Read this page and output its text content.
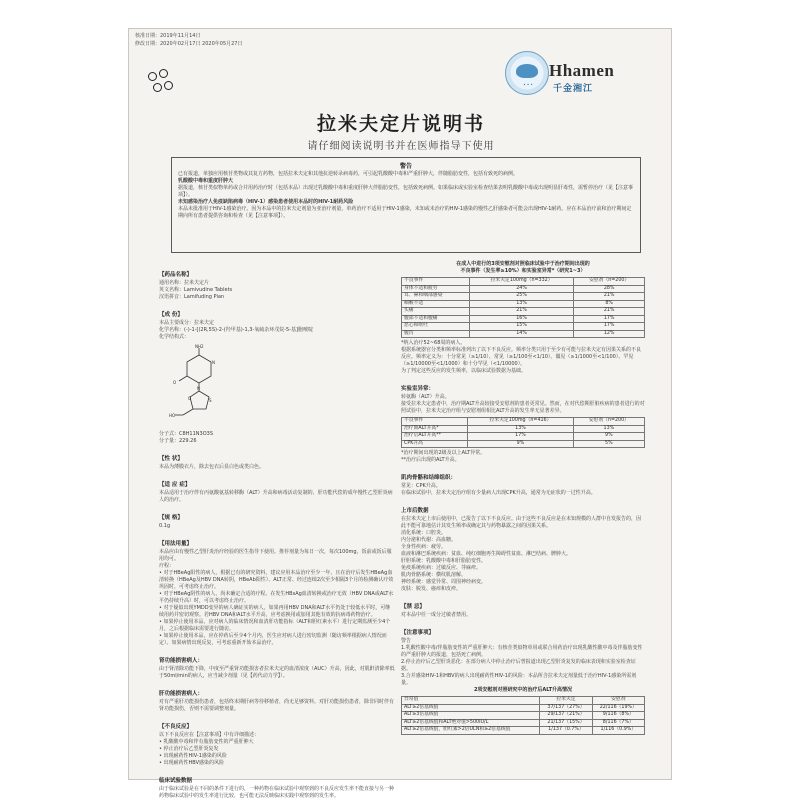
核准日期：2019年11月14日
修改日期：2020年02月17日 2020年05月27日
• • •
Hhamen
千金湘江
拉米夫定片说明书
请仔细阅读说明书并在医师指导下使用
警告

已有报道，单独应用核苷类物或其复方药物，包括拉米夫定和其他抗逆转录病毒药，可引起乳酸酸中毒和严重肝肿大，伴随脂肪变性，包括有致死的病例。

乳酸酸中毒和重度肝肿大

据报道，核苷类似物单药或合并用药治疗时（包括本品）出现过乳酸酸中毒和重度肝肿大伴脂肪变性，包括致死病例。如果临床或实验室检查结果表明乳酸酸中毒或出现明显肝毒性，需暂停治疗（见【注意事项】）。

未知感染治疗人免疫缺陷病毒（HIV-1）感染患者使用本品时的HIV-1耐药风险

本品未批准用于HIV-1感染治疗。因为本品中的拉米夫定剂量为亚治疗剂量，单药治疗不适用于HIV-1感染，未知或未治疗的HIV-1感染的慢性乙肝感染者可能会出现HIV-1耐药。应在本品治疗前和治疗期间定期向所有患者提供咨询和检查（见【注意事项】）。

【药品名称】
通用名称：拉米夫定片
英文名称：Lamivudine Tablets
汉语拼音：Lamifuding Pian
【成 份】
本品主要成分：拉米夫定
化学名称：(-)-1-[(2R,5S)-2-(羟甲基)-1,3-氧硫杂环戊烷-5-基]胞嘧啶
化学结构式：
NH2
N
O
N
S
O
HO
分子式：C8H11N3O3S
分子量：229.26
【性 状】
本品为薄膜衣片，除去包衣后显白色或类白色。
【适 应 症】
本品适用于治疗伴有丙氨酸氨基转移酶（ALT）升高和病毒活动复制的、肝功能代偿的成年慢性乙型肝炎病人的治疗。
【规 格】
0.1g
【用法用量】
本品应由有慢性乙型肝炎治疗经验的医生指导下使用。推荐剂量为每日一次，每次100mg，饭前或饭后服用均可。
疗程：
• 对于HBeAg阳性的病人，根据已有的研究资料，建议应用本品治疗至少一年，且在治疗后发生HBeAg血清转换（HBeAg及HBV DNA转阴，HBeAb阳性）、ALT正常、经过连续2次至少相隔3个月的检测确认疗效巩固时，可考虑终止治疗。
• 对于HBeAg阴性的病人，尚未确定合适的疗程。在发生HBsAg血清转换或治疗无效（HBV DNA或ALT水平仍持续升高）时，可以考虑终止治疗。
• 对于疑似出现YMDD变异的病人确证实的病人，如果再用HBV DNA和ALT水平仍处于较低水平时，可继续用药并密切观察。若HBV DNA和ALT水平升高，应考虑换用或加用其他有效的抗病毒药物治疗。
• 如果停止使用本品，应对病人的临床情况和血清肝功能指标（ALT和胆红素水平）进行定期监测至少4个月，之后根据临床需要进行随访。
• 如果停止使用本品，应在停药后至少4个月内，医生应对病人进行密切监测（随访频率根据病人情况而定）。如果病情出现反复，可考虑重新开始本品治疗。
肾功能损害病人：
由于肾清除功能下降，中度至严重肾功能损害者拉米夫定的血清浓度（AUC）升高，因此，对肌酐清除率低于50ml/min的病人，应当减少剂量（见【药代动力学】）。
肝功能损害病人：
对有严重肝功能损伤患者，包括终末期肝病等待移植者，尚无足够资料。对肝功能损伤患者，除非同时伴有肾功能损伤，否则不需要调整剂量。
【不良反应】
以下不良反应在【注意事项】中有详细描述：
• 乳酸酸中毒和伴有脂肪变性的严重肝肿大
• 停止治疗后乙型肝炎复发
• 出现耐药性HIV-1感染的风险
• 出现耐药性HBV感染的风险
临床试验数据
由于临床试验是在不同的条件下进行的，一种药物在临床试验中观察到的不良反应发生率不能直接与另一种药物临床试验中的发生率进行比较，也可能无法反映临床实践中观察到的发生率。
在成人中进行的3项安慰剂对照临床试验中于治疗期间出现的
不良事件（发生率≥10%）和实验室异常*（研究1~3）
不良事件	拉米夫定100mg（n=332）	安慰剂（n=200）
身体不适和疲劳	24%	28%
耳、鼻和咽部感染	25%	21%
咽喉不适	13%	8%
头痛	21%	21%
腹部不适和腹痛	16%	17%
恶心和呕吐	15%	17%
腹泻	14%	12%
*纳入治疗52~68周的病人。
根据系统器官分类和频率标准列出了以下不良反应。频率分类只用于至少有可能与拉米夫定有因果关系的不良反应。频率定义为：十分常见（≥1/10）、常见（≥1/100至<1/10）、偶见（≥1/1000至<1/100）、罕见（≥1/10000至<1/1000）和十分罕见（<1/10000）。
为了判定这些反应的发生频率，以临床试验数据为基础。
实验室异常：
转氨酶（ALT）升高。
接受拉米夫定患者中，治疗期ALT升高较接受安慰剂的患者更常见。然而，在对代偿期肝脏疾病的患者进行的对照试验中，拉米夫定治疗组与安慰剂组相比ALT升高的发生率无显著差异。
不良事件	拉米夫定100mg（n=416）	安慰剂（n=200）
治疗期ALT升高*	13%	13%
治疗后ALT升高**	17%	9%
CPK升高	9%	5%
*治疗期间出现的2级及以上ALT异常。
**治疗后出现的ALT升高。
肌肉骨骼和结缔组织：
常见：CPK升高。
在临床试验中，拉米夫定治疗组有少量病人出现CPK升高，通常为无症状的一过性升高。
上市后数据
在拉米夫定上市后使用中，已报告了以下不良反应。由于这些不良反应是在未知规模的人群中自发报告的，因此不能可靠地估计其发生频率或确定其与药物暴露之间的因果关系。
消化系统：口腔炎。
内分泌和代谢：高血糖。
全身性疾病：疲劳。
血液和淋巴系统疾病：贫血、纯红细胞再生障碍性贫血、淋巴结病、脾肿大。
肝胆系统：乳酸酸中毒和肝脂肪变性。
免疫系统疾病：过敏反应、荨麻疹。
肌肉骨骼系统：横纹肌溶解。
神经系统：感觉异常、周围神经病变。
皮肤：脱发、瘙痒和皮疹。
【禁 忌】
对本品中任一成分过敏者禁用。
【注意事项】
警告
1.乳酸性酸中毒/伴脂肪变性的严重肝肿大：有核苷类似物单用或联合用药治疗出现乳酸性酸中毒及伴脂肪变性的严重肝肿大的报道，包括死亡病例。
2.停止治疗后乙型肝炎恶化：在部分病人中停止治疗后曾报道出现乙型肝炎复发的临床表现和实验室检查证据。
3.合并感染HIV-1和HBV的病人出现耐药性HIV-1的风险：本品所含拉米夫定剂量低于治疗HIV-1感染所需剂量。
2项安慰剂对照研究中的治疗后ALT升高情况
异常值	拉米夫定	安慰剂
ALT≥2倍基线值	37/137（27%）	22/116（19%）
ALT≥3倍基线值	29/137（21%）	9/116（8%）
ALT≥2倍基线值和ALT绝对值>500IU/L	21/137（15%）	8/116（7%）
ALT≥2倍基线值，胆红素>2倍ULN和≥2倍基线值	1/137（0.7%）	1/116（0.9%）
